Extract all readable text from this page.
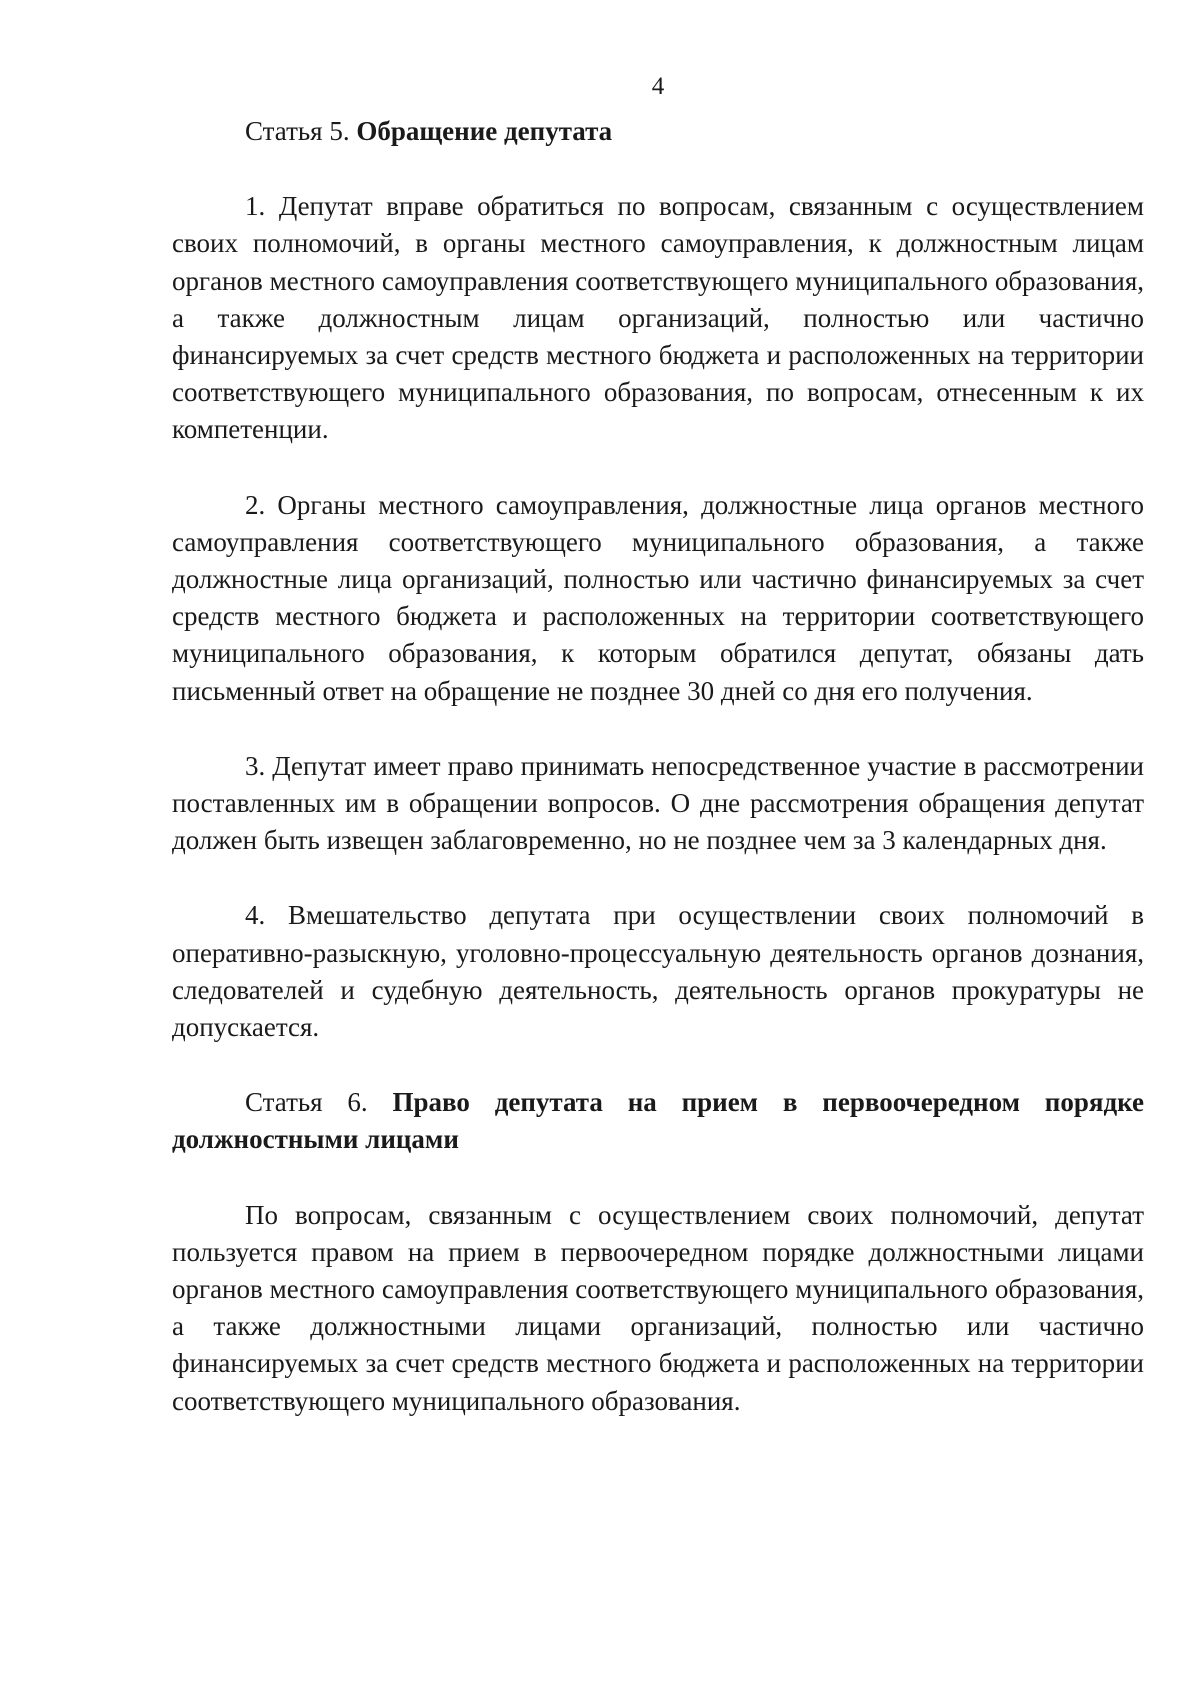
4

Статья 5. Обращение депутата

1. Депутат вправе обратиться по вопросам, связанным с осуществлением своих полномочий, в органы местного самоуправления, к должностным лицам органов местного самоуправления соответствующего муниципального образования, а также должностным лицам организаций, полностью или частично финансируемых за счет средств местного бюджета и расположенных на территории соответствующего муниципального образования, по вопросам, отнесенным к их компетенции.

2. Органы местного самоуправления, должностные лица органов местного самоуправления соответствующего муниципального образования, а также должностные лица организаций, полностью или частично финансируемых за счет средств местного бюджета и расположенных на территории соответствующего муниципального образования, к которым обратился депутат, обязаны дать письменный ответ на обращение не позднее 30 дней со дня его получения.

3. Депутат имеет право принимать непосредственное участие в рассмотрении поставленных им в обращении вопросов. О дне рассмотрения обращения депутат должен быть извещен заблаговременно, но не позднее чем за 3 календарных дня.

4. Вмешательство депутата при осуществлении своих полномочий в оперативно-разыскную, уголовно-процессуальную деятельность органов дознания, следователей и судебную деятельность, деятельность органов прокуратуры не допускается.

Статья 6. Право депутата на прием в первоочередном порядке должностными лицами

По вопросам, связанным с осуществлением своих полномочий, депутат пользуется правом на прием в первоочередном порядке должностными лицами органов местного самоуправления соответствующего муниципального образования, а также должностными лицами организаций, полностью или частично финансируемых за счет средств местного бюджета и расположенных на территории соответствующего муниципального образования.
